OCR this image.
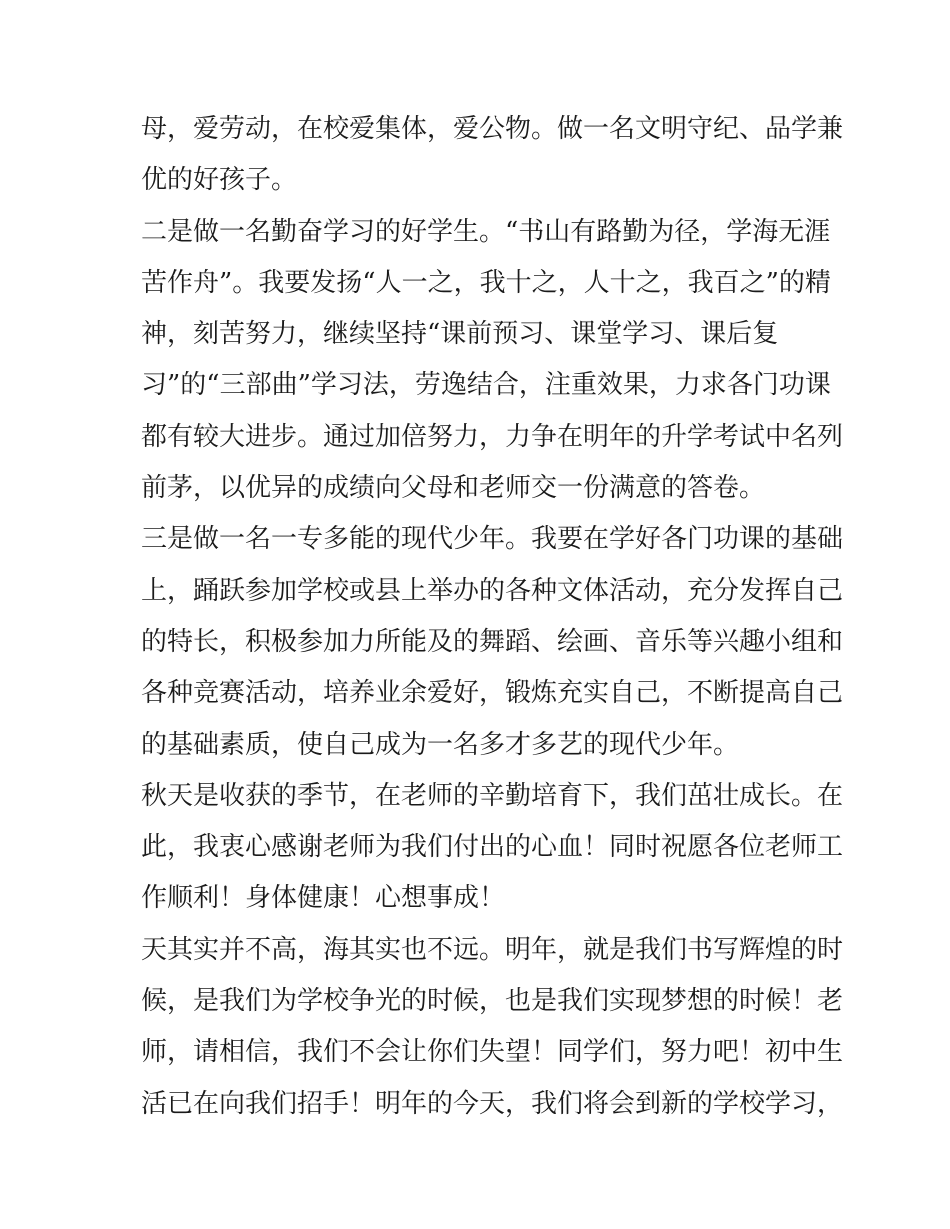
母，爱劳动，在校爱集体，爱公物。做一名文明守纪、品学兼
优的好孩子。
二是做一名勤奋学习的好学生。“书山有路勤为径，学海无涯
苦作舟”。我要发扬“人一之，我十之，人十之，我百之”的精
神，刻苦努力，继续坚持“课前预习、课堂学习、课后复
习”的“三部曲”学习法，劳逸结合，注重效果，力求各门功课
都有较大进步。通过加倍努力，力争在明年的升学考试中名列
前茅，以优异的成绩向父母和老师交一份满意的答卷。
三是做一名一专多能的现代少年。我要在学好各门功课的基础
上，踊跃参加学校或县上举办的各种文体活动，充分发挥自己
的特长，积极参加力所能及的舞蹈、绘画、音乐等兴趣小组和
各种竞赛活动，培养业余爱好，锻炼充实自己，不断提高自己
的基础素质，使自己成为一名多才多艺的现代少年。
秋天是收获的季节，在老师的辛勤培育下，我们茁壮成长。在
此，我衷心感谢老师为我们付出的心血！同时祝愿各位老师工
作顺利！身体健康！心想事成！
天其实并不高，海其实也不远。明年，就是我们书写辉煌的时
候，是我们为学校争光的时候，也是我们实现梦想的时候！老
师，请相信，我们不会让你们失望！同学们，努力吧！初中生
活已在向我们招手！明年的今天，我们将会到新的学校学习，
